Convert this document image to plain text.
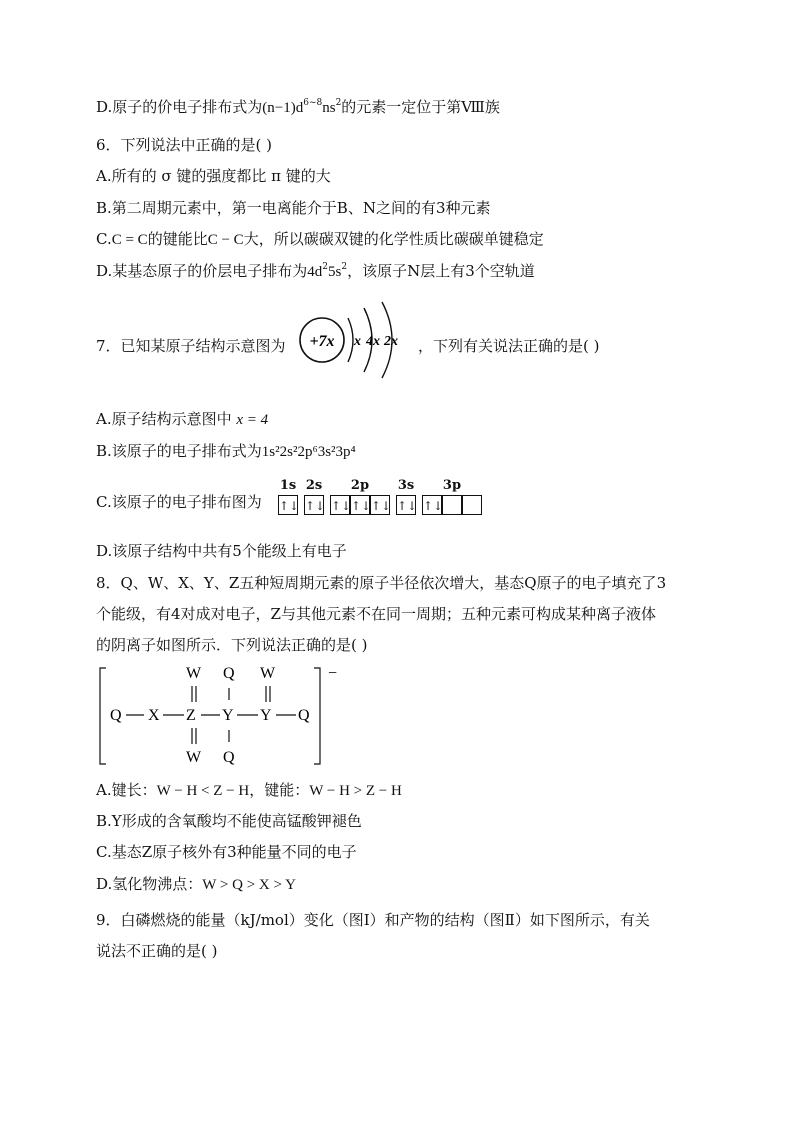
D.原子的价电子排布式为$(n-1)d^{6\sim 8}ns^2$的元素一定位于第Ⅷ族
6．下列说法中正确的是( )
A.所有的 σ 键的强度都比 π 键的大
B.第二周期元素中，第一电离能介于B、N之间的有3种元素
C.C = C的键能比C − C大，所以碳碳双键的化学性质比碳碳单键稳定
D.某基态原子的价层电子排布为$4d^25s^2$，该原子N层上有3个空轨道
7．已知某原子结构示意图为 +7x x 4x 2x ，下列有关说法正确的是( )
A.原子结构示意图中 x = 4
B.该原子的电子排布式为1s²2s²2p⁶3s²3p⁴
C.该原子的电子排布图为
1s
↑↓
2s
↑↓
2p
↑↓↑↓↑↓
3s
↑↓
3p
↑↓
D.该原子结构中共有5个能级上有电子
8．Q、W、X、Y、Z五种短周期元素的原子半径依次增大，基态Q原子的电子填充了3
个能级，有4对成对电子，Z与其他元素不在同一周期；五种元素可构成某种离子液体
的阴离子如图所示．下列说法正确的是( )
−
Q X Z Y Y Q
W Q W
W Q
A.键长：W − H < Z − H，键能：W − H > Z − H
B.Y形成的含氧酸均不能使高锰酸钾褪色
C.基态Z原子核外有3种能量不同的电子
D.氢化物沸点：W > Q > X > Y
9．白磷燃烧的能量（kJ/mol）变化（图Ⅰ）和产物的结构（图Ⅱ）如下图所示，有关
说法不正确的是( )
